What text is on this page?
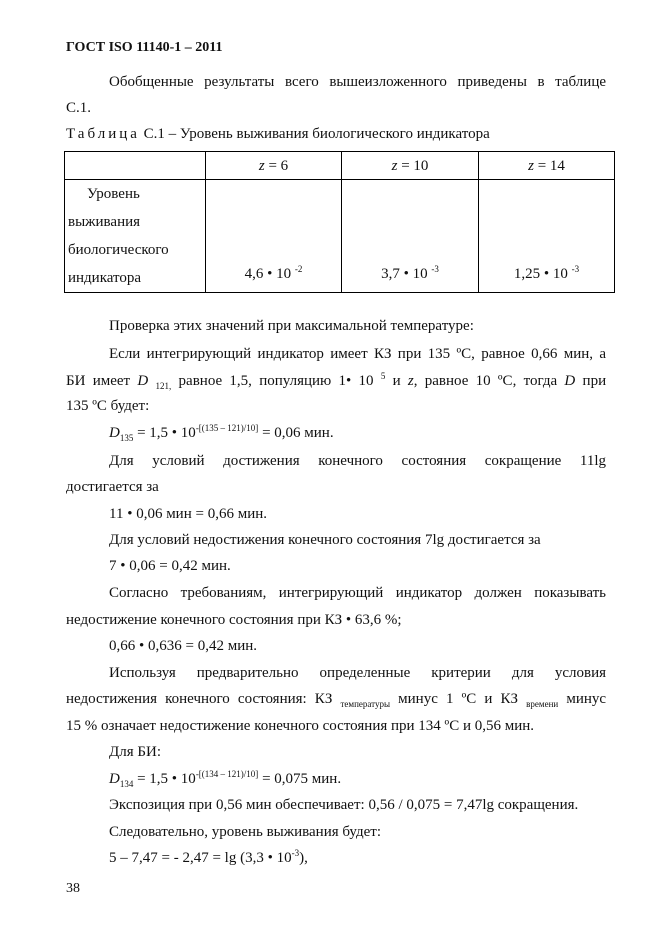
ГОСТ ISO 11140-1 – 2011
Обобщенные результаты всего вышеизложенного приведены в таблице
С.1.
Таблица С.1 – Уровень выживания биологического индикатора
	z = 6	z = 10	z = 14

Уровень
выживания
биологического
индикатора	4,6 • 10 $^{-2}$	3,7 • 10 $^{-3}$	1,25 • 10 $^{-3}$
Проверка этих значений при максимальной температуре:
Если интегрирующий индикатор имеет КЗ при 135 ºС, равное 0,66 мин, а
БИ имеет D $_{121,}$ равное 1,5, популяцию 1• 10 $^5$ и z, равное 10 ºС, тогда D при
135 ºС будет:
$D_{135} = 1,5$ • $10^{-[(135 - 121)/10]} = 0,06$ мин.
Для условий достижения конечного состояния сокращение 11lg
достигается за
11 • 0,06 мин = 0,66 мин.
Для условий недостижения конечного состояния 7lg достигается за
7 • 0,06 = 0,42 мин.
Согласно требованиям, интегрирующий индикатор должен показывать
недостижение конечного состояния при КЗ • 63,6 %;
0,66 • 0,636 = 0,42 мин.
Используя предварительно определенные критерии для условия
недостижения конечного состояния: КЗ $_{температуры}$ минус 1 ºС и КЗ $_{времени}$ минус
15 % означает недостижение конечного состояния при 134 ºС и 0,56 мин.
Для БИ:
$D_{134} = 1,5$ • $10^{-[(134 - 121)/10]} = 0,075$ мин.
Экспозиция при 0,56 мин обеспечивает: 0,56 / 0,075 = 7,47lg сокращения.
Следовательно, уровень выживания будет:
5 – 7,47 = - 2,47 = lg (3,3 • $10^{-3}$),
38
